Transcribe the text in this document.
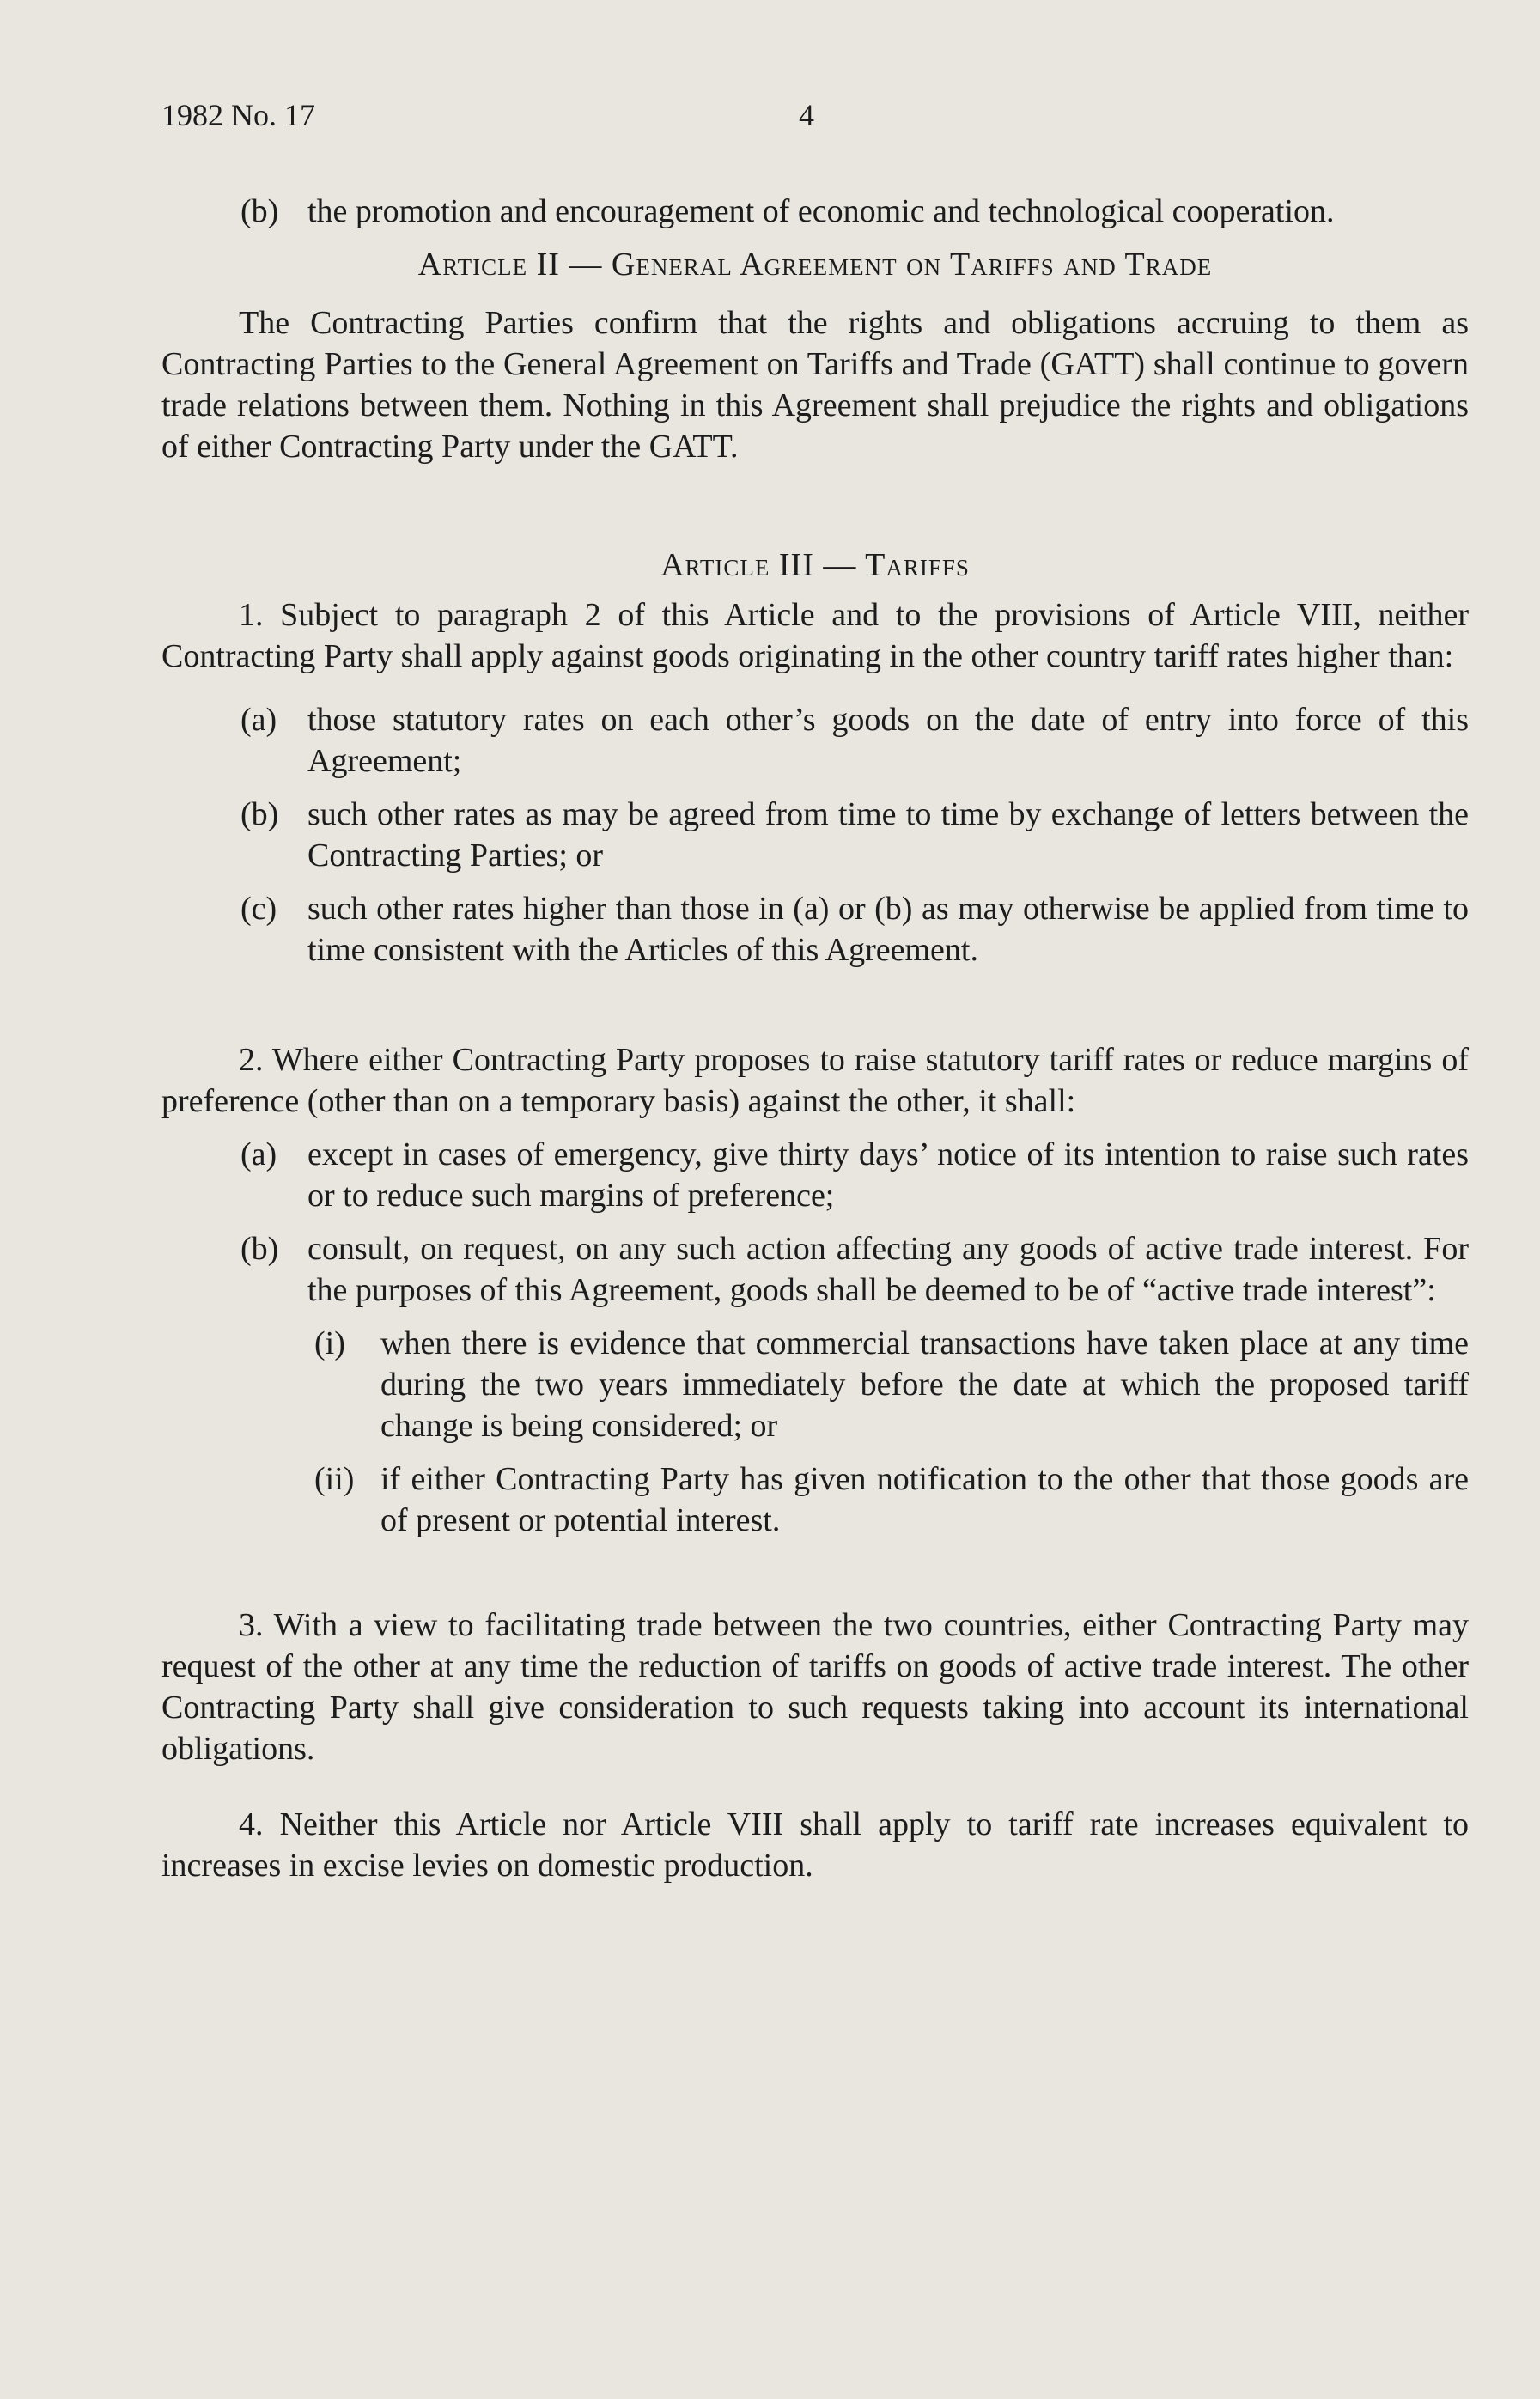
1982 No. 17	4
(b) the promotion and encouragement of economic and technological cooperation.

Article II — General Agreement on Tariffs and Trade

The Contracting Parties confirm that the rights and obligations accruing to them as Contracting Parties to the General Agreement on Tariffs and Trade (GATT) shall continue to govern trade relations between them. Nothing in this Agreement shall prejudice the rights and obligations of either Contracting Party under the GATT.

Article III — Tariffs

1. Subject to paragraph 2 of this Article and to the provisions of Article VIII, neither Contracting Party shall apply against goods originating in the other country tariff rates higher than:

(a) those statutory rates on each other’s goods on the date of entry into force of this Agreement;
(b) such other rates as may be agreed from time to time by exchange of letters between the Contracting Parties; or
(c) such other rates higher than those in (a) or (b) as may otherwise be applied from time to time consistent with the Articles of this Agreement.

2. Where either Contracting Party proposes to raise statutory tariff rates or reduce margins of preference (other than on a temporary basis) against the other, it shall:

(a) except in cases of emergency, give thirty days’ notice of its intention to raise such rates or to reduce such margins of preference;
(b) consult, on request, on any such action affecting any goods of active trade interest. For the purposes of this Agreement, goods shall be deemed to be of “active trade interest”:
(i) when there is evidence that commercial transactions have taken place at any time during the two years immediately before the date at which the proposed tariff change is being considered; or
(ii) if either Contracting Party has given notification to the other that those goods are of present or potential interest.

3. With a view to facilitating trade between the two countries, either Contracting Party may request of the other at any time the reduction of tariffs on goods of active trade interest. The other Contracting Party shall give consideration to such requests taking into account its international obligations.

4. Neither this Article nor Article VIII shall apply to tariff rate increases equivalent to increases in excise levies on domestic production.
